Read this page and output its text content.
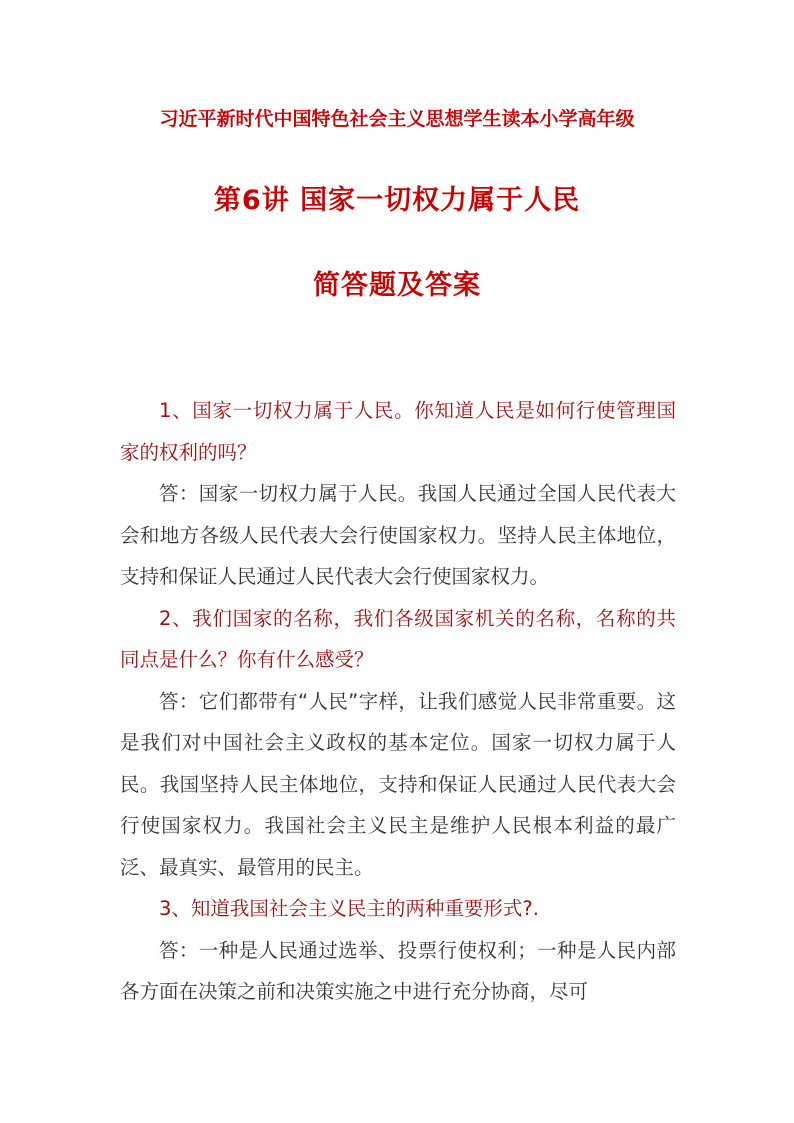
习近平新时代中国特色社会主义思想学生读本小学高年级
第6讲 国家一切权力属于人民
简答题及答案

1、国家一切权力属于人民。你知道人民是如何行使管理国家的权利的吗？

答：国家一切权力属于人民。我国人民通过全国人民代表大会和地方各级人民代表大会行使国家权力。坚持人民主体地位，支持和保证人民通过人民代表大会行使国家权力。

2、我们国家的名称，我们各级国家机关的名称，名称的共同点是什么？你有什么感受？

答：它们都带有“人民”字样，让我们感觉人民非常重要。这是我们对中国社会主义政权的基本定位。国家一切权力属于人民。我国坚持人民主体地位，支持和保证人民通过人民代表大会行使国家权力。我国社会主义民主是维护人民根本利益的最广泛、最真实、最管用的民主。

3、知道我国社会主义民主的两种重要形式?.

答：一种是人民通过选举、投票行使权利；一种是人民内部各方面在决策之前和决策实施之中进行充分协商，尽可
